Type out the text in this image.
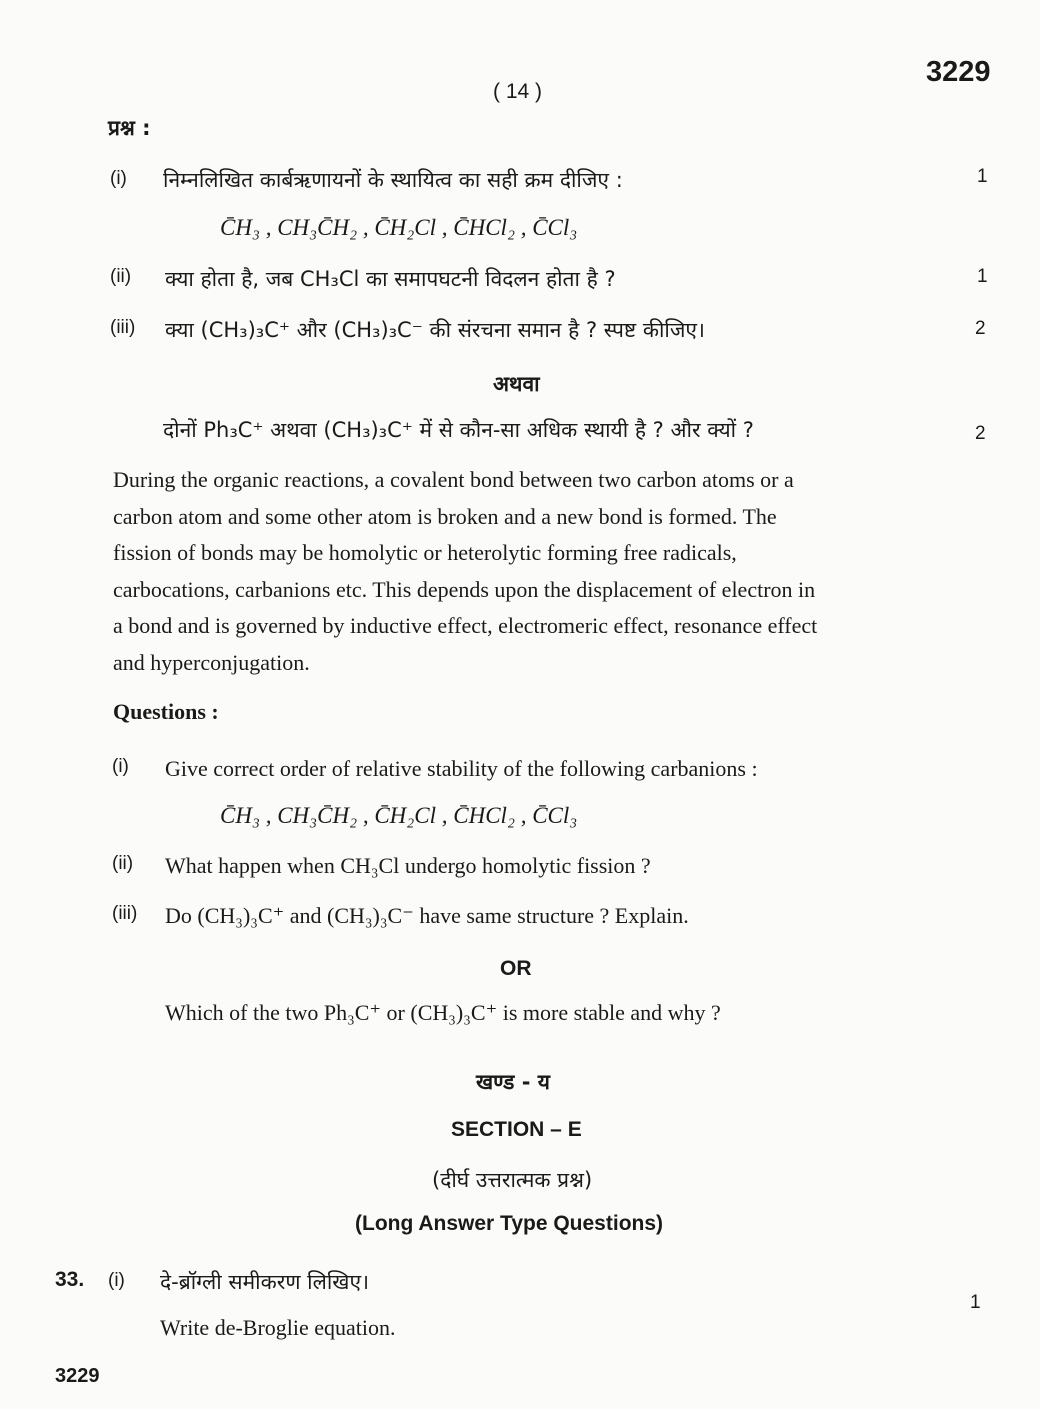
( 14 )
3229
प्रश्न :
(i) निम्नलिखित कार्बऋणायनों के स्थायित्व का सही क्रम दीजिए :	1
C̄H₃ , CH₃C̄H₂ , C̄H₂Cl , C̄HCl₂ , C̄Cl₃
(ii) क्या होता है, जब CH₃Cl का समापघटनी विदलन होता है ?	1
(iii) क्या (CH₃)₃C⁺ और (CH₃)₃C⁻ की संरचना समान है ? स्पष्ट कीजिए।	2
अथवा
दोनों Ph₃C⁺ अथवा (CH₃)₃C⁺ में से कौन-सा अधिक स्थायी है ? और क्यों ?	2
During the organic reactions, a covalent bond between two carbon atoms or a
carbon atom and some other atom is broken and a new bond is formed. The
fission of bonds may be homolytic or heterolytic forming free radicals,
carbocations, carbanions etc. This depends upon the displacement of electron in
a bond and is governed by inductive effect, electromeric effect, resonance effect
and hyperconjugation.
Questions :
(i) Give correct order of relative stability of the following carbanions :
C̄H₃ , CH₃C̄H₂ , C̄H₂Cl , C̄HCl₂ , C̄Cl₃
(ii) What happen when CH₃Cl undergo homolytic fission ?
(iii) Do (CH₃)₃C⁺ and (CH₃)₃C⁻ have same structure ? Explain.
OR
Which of the two Ph₃C⁺ or (CH₃)₃C⁺ is more stable and why ?
खण्ड - य
SECTION – E
(दीर्घ उत्तरात्मक प्रश्न)
(Long Answer Type Questions)
33. (i) दे-ब्रॉग्ली समीकरण लिखिए।
1
Write de-Broglie equation.
3229
